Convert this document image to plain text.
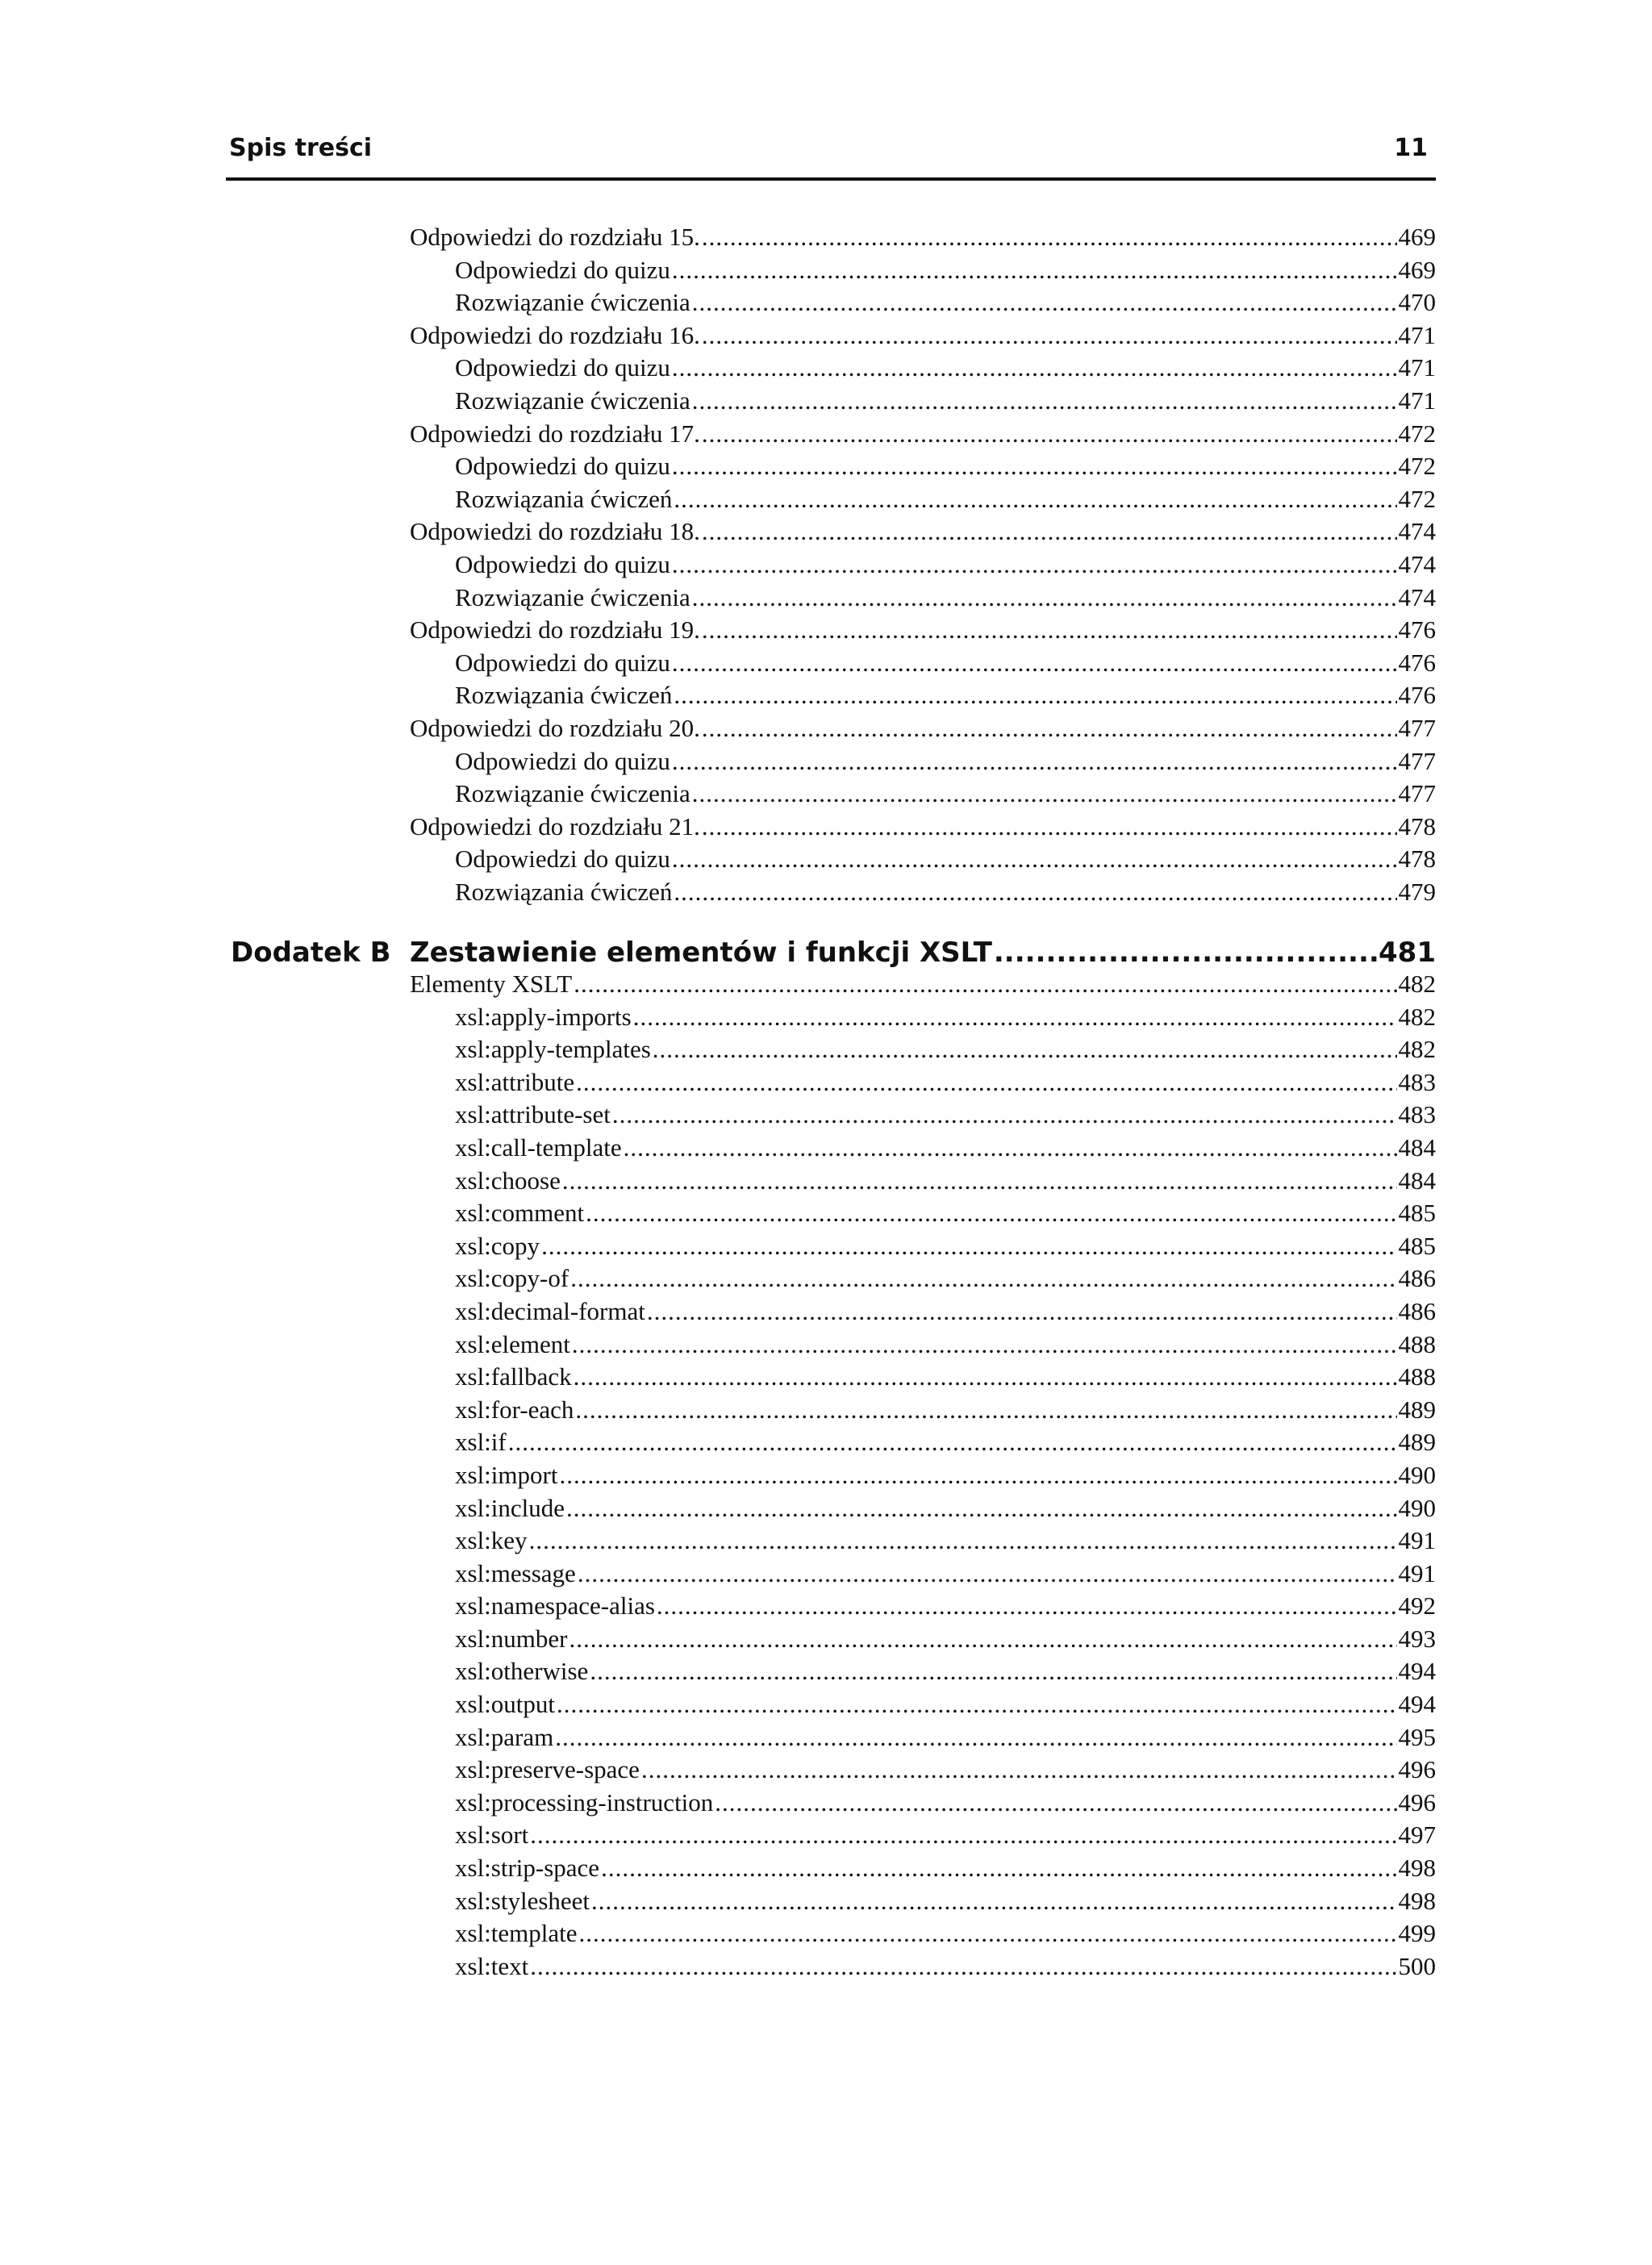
Spis treści	11
Odpowiedzi do rozdziału 15. .....	469
Odpowiedzi do quizu .....	469
Rozwiązanie ćwiczenia .....	470
Odpowiedzi do rozdziału 16. .....	471
Odpowiedzi do quizu .....	471
Rozwiązanie ćwiczenia .....	471
Odpowiedzi do rozdziału 17. .....	472
Odpowiedzi do quizu .....	472
Rozwiązania ćwiczeń .....	472
Odpowiedzi do rozdziału 18. .....	474
Odpowiedzi do quizu .....	474
Rozwiązanie ćwiczenia .....	474
Odpowiedzi do rozdziału 19. .....	476
Odpowiedzi do quizu .....	476
Rozwiązania ćwiczeń .....	476
Odpowiedzi do rozdziału 20. .....	477
Odpowiedzi do quizu .....	477
Rozwiązanie ćwiczenia .....	477
Odpowiedzi do rozdziału 21. .....	478
Odpowiedzi do quizu .....	478
Rozwiązania ćwiczeń .....	479
Dodatek B Zestawienie elementów i funkcji XSLT .....	481
Elementy XSLT .....	482
xsl:apply-imports .....	482
xsl:apply-templates .....	482
xsl:attribute .....	483
xsl:attribute-set .....	483
xsl:call-template .....	484
xsl:choose .....	484
xsl:comment .....	485
xsl:copy .....	485
xsl:copy-of .....	486
xsl:decimal-format .....	486
xsl:element .....	488
xsl:fallback .....	488
xsl:for-each .....	489
xsl:if .....	489
xsl:import .....	490
xsl:include .....	490
xsl:key .....	491
xsl:message .....	491
xsl:namespace-alias .....	492
xsl:number .....	493
xsl:otherwise .....	494
xsl:output .....	494
xsl:param .....	495
xsl:preserve-space .....	496
xsl:processing-instruction .....	496
xsl:sort .....	497
xsl:strip-space .....	498
xsl:stylesheet .....	498
xsl:template .....	499
xsl:text .....	500
